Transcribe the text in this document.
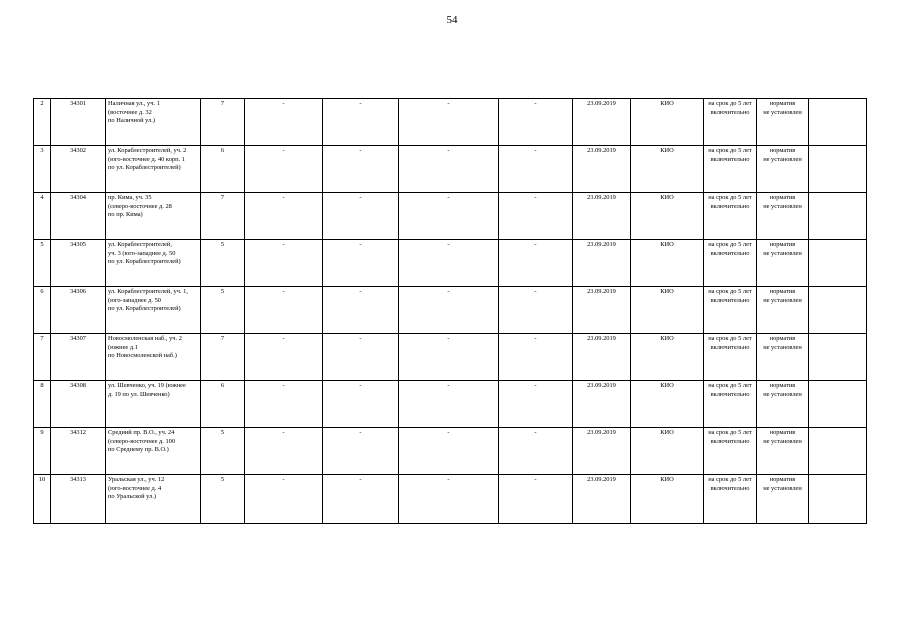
54
2	34301	Наличная ул., уч. 1
(восточнее д. 32
по Наличной ул.)	7	-	-	-	-	23.09.2019	КИО	на срок до 5 лет
включительно	норматив
не установлен	
3	34302	ул. Кораблестроителей, уч. 2
(юго-восточнее д. 40 корп. 1
по ул. Кораблестроителей)	6	-	-	-	-	23.09.2019	КИО	на срок до 5 лет
включительно	норматив
не установлен	
4	34304	пр. Кима, уч. 35
(северо-восточнее д. 28
по пр. Кима)	7	-	-	-	-	23.09.2019	КИО	на срок до 5 лет
включительно	норматив
не установлен	
5	34305	ул. Кораблестроителей,
уч. 3 (юго-западнее д. 50
по ул. Кораблестроителей)	5	-	-	-	-	23.09.2019	КИО	на срок до 5 лет
включительно	норматив
не установлен	
6	34306	ул. Кораблестроителей, уч. 1,
(юго-западнее д. 50
по ул. Кораблестроителей)	5	-	-	-	-	23.09.2019	КИО	на срок до 5 лет
включительно	норматив
не установлен	
7	34307	Новосмоленская наб., уч. 2
(южнее д.1
по Новосмоленской наб.)	7	-	-	-	-	23.09.2019	КИО	на срок до 5 лет
включительно	норматив
не установлен	
8	34308	ул. Шевченко, уч. 19 (южнее
д. 19 по ул. Шевченко)	6	-	-	-	-	23.09.2019	КИО	на срок до 5 лет
включительно	норматив
не установлен	
9	34312	Средний пр. В.О., уч. 24
(северо-восточнее д. 100
по Среднему пр. В.О.)	5	-	-	-	-	23.09.2019	КИО	на срок до 5 лет
включительно	норматив
не установлен	
10	34313	Уральская ул., уч. 12
(юго-восточнее д. 4
по Уральской ул.)	5	-	-	-	-	23.09.2019	КИО	на срок до 5 лет
включительно	норматив
не установлен	
